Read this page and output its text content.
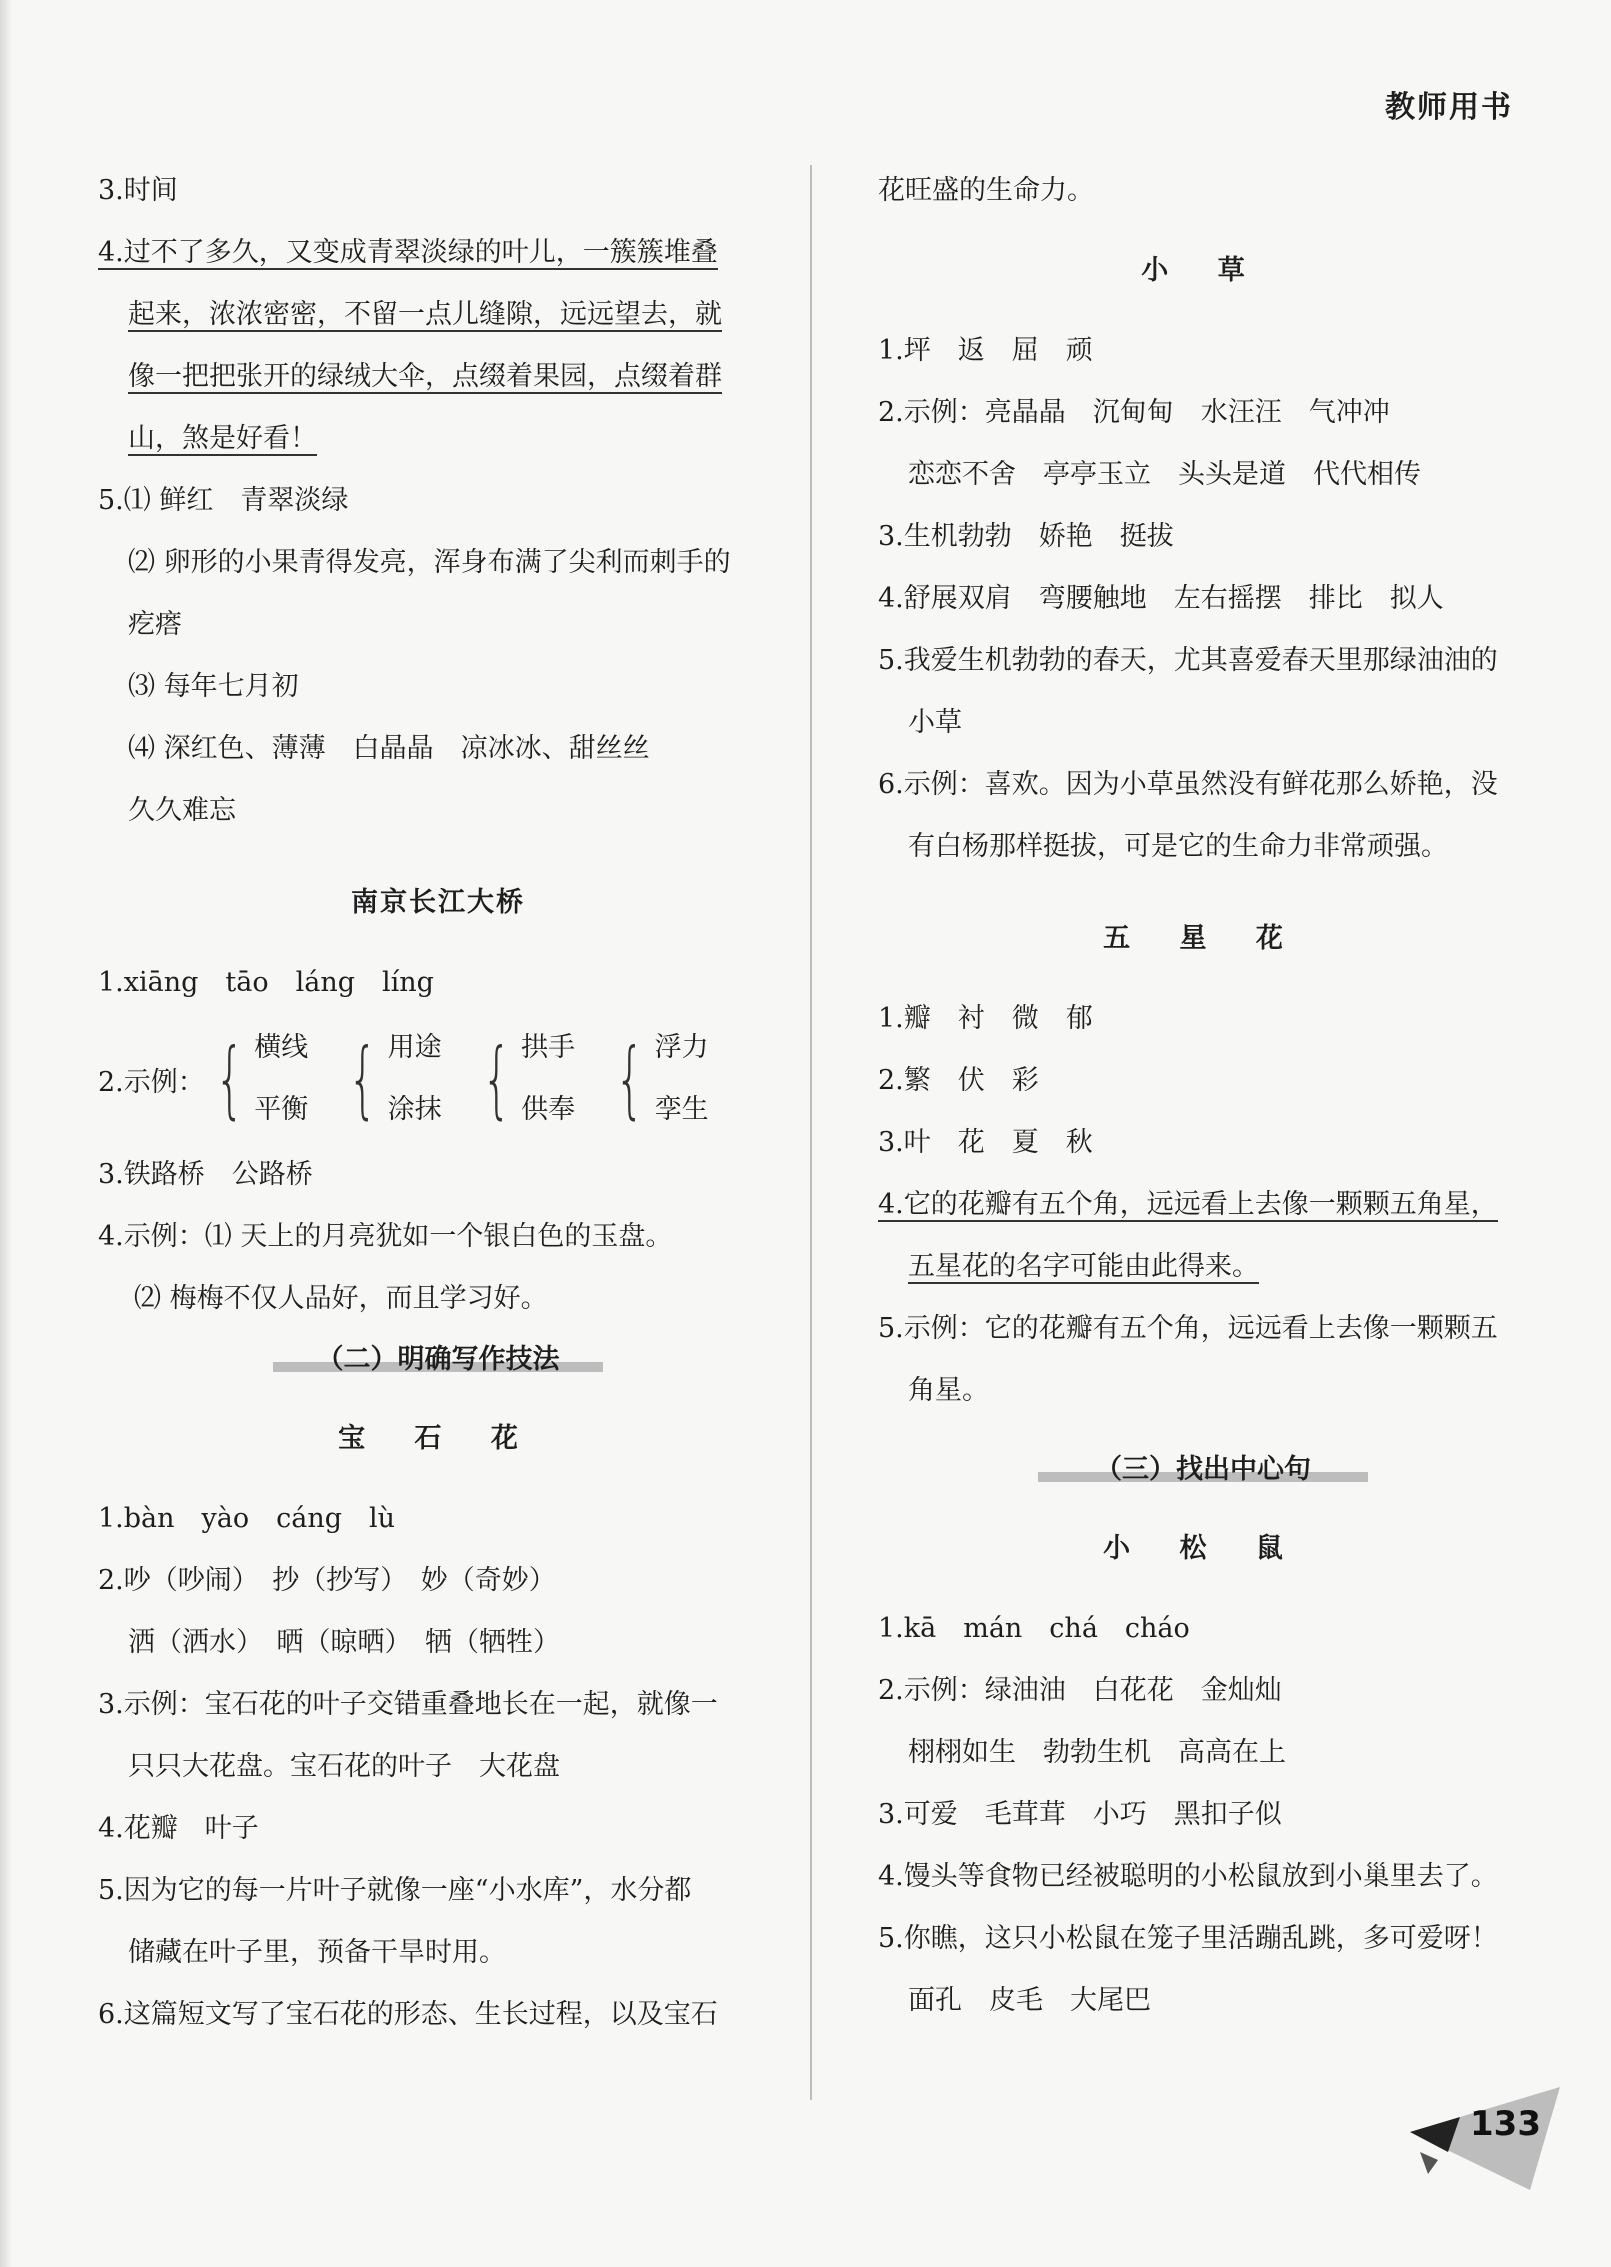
教师用书
3.时间
4.过不了多久，又变成青翠淡绿的叶儿，一簇簇堆叠
起来，浓浓密密，不留一点儿缝隙，远远望去，就
像一把把张开的绿绒大伞，点缀着果园，点缀着群
山，煞是好看！
5.⑴ 鲜红　青翠淡绿
⑵ 卵形的小果青得发亮，浑身布满了尖利而刺手的
疙瘩
⑶ 每年七月初
⑷ 深红色、薄薄　白晶晶　凉冰冰、甜丝丝
久久难忘
南京长江大桥
1.xiāng　tāo　láng　líng
2.示例： { 横线
平衡 { 用途
涂抹 { 拱手
供奉 { 浮力
孪生
3.铁路桥　公路桥
4.示例：⑴ 天上的月亮犹如一个银白色的玉盘。
⑵ 梅梅不仅人品好，而且学习好。
（二）明确写作技法
宝 石 花
1.bàn　yào　cáng　lù
2.吵（吵闹）　抄（抄写）　妙（奇妙）
洒（洒水）　晒（晾晒）　牺（牺牲）
3.示例：宝石花的叶子交错重叠地长在一起，就像一
只只大花盘。宝石花的叶子　大花盘
4.花瓣　叶子
5.因为它的每一片叶子就像一座“小水库”，水分都
储藏在叶子里，预备干旱时用。
6.这篇短文写了宝石花的形态、生长过程，以及宝石
花旺盛的生命力。
小 草
1.坪　返　屈　顽
2.示例：亮晶晶　沉甸甸　水汪汪　气冲冲
恋恋不舍　亭亭玉立　头头是道　代代相传
3.生机勃勃　娇艳　挺拔
4.舒展双肩　弯腰触地　左右摇摆　排比　拟人
5.我爱生机勃勃的春天，尤其喜爱春天里那绿油油的
小草
6.示例：喜欢。因为小草虽然没有鲜花那么娇艳，没
有白杨那样挺拔，可是它的生命力非常顽强。
五 星 花
1.瓣　衬　微　郁
2.繁　伏　彩
3.叶　花　夏　秋
4.它的花瓣有五个角，远远看上去像一颗颗五角星，
五星花的名字可能由此得来。
5.示例：它的花瓣有五个角，远远看上去像一颗颗五
角星。
（三）找出中心句
小 松 鼠
1.kā　mán　chá　cháo
2.示例：绿油油　白花花　金灿灿
栩栩如生　勃勃生机　高高在上
3.可爱　毛茸茸　小巧　黑扣子似
4.馒头等食物已经被聪明的小松鼠放到小巢里去了。
5.你瞧，这只小松鼠在笼子里活蹦乱跳，多可爱呀！
面孔　皮毛　大尾巴
133
